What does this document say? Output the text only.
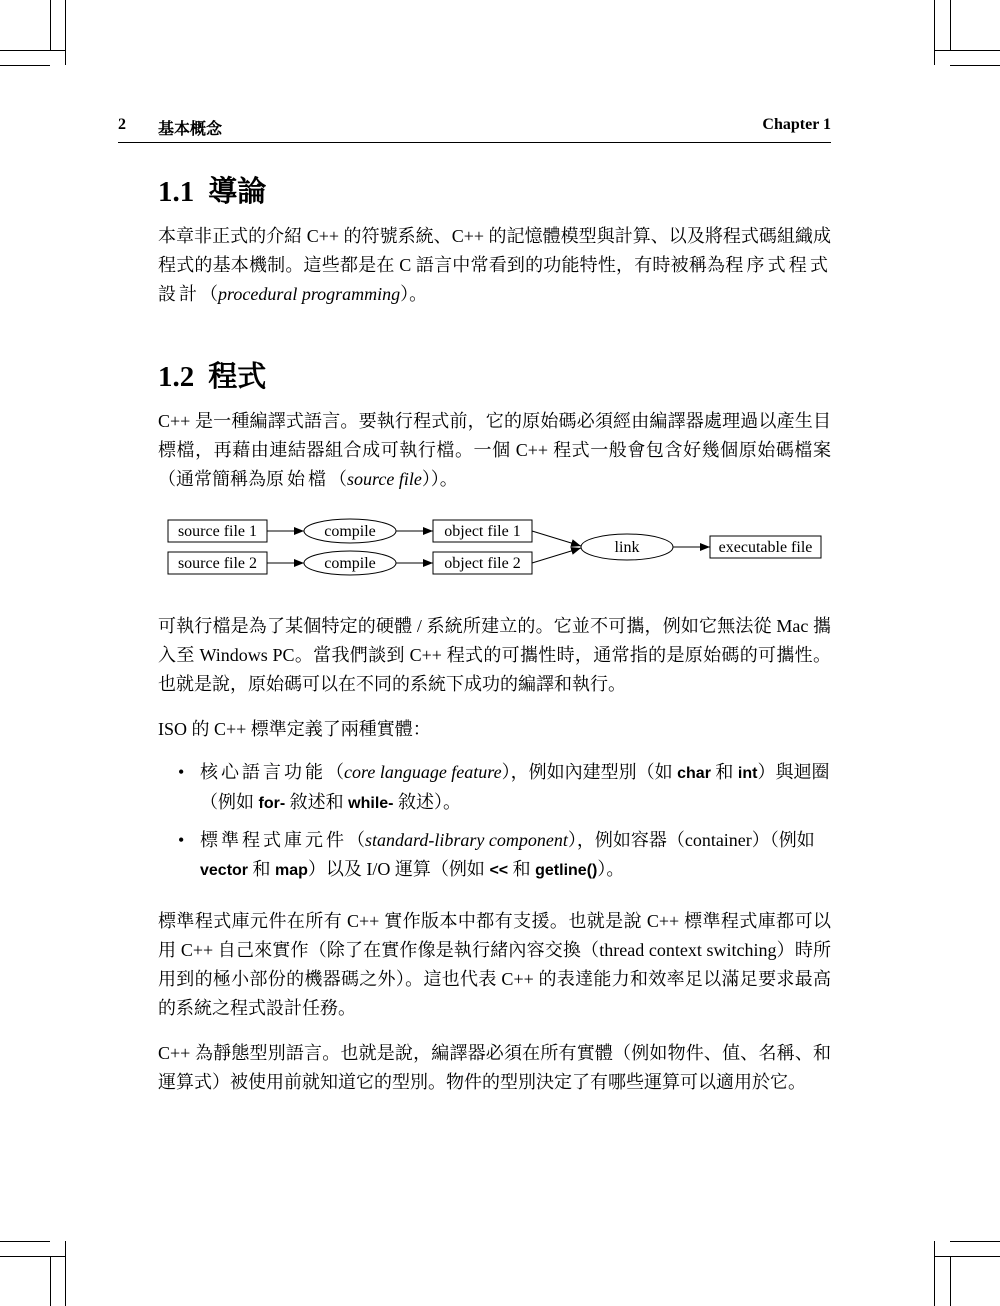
2 基本概念	Chapter 1
1.1 導論

本章非正式的介紹 C++ 的符號系統、C++ 的記憶體模型與計算、以及將程式碼組織成程式的基本機制。這些都是在 C 語言中常看到的功能特性，有時被稱為程序式程式設計（procedural programming）。

1.2 程式

C++ 是一種編譯式語言。要執行程式前，它的原始碼必須經由編譯器處理過以產生目標檔，再藉由連結器組合成可執行檔。一個 C++ 程式一般會包含好幾個原始碼檔案（通常簡稱為原始檔（source file））。

source file 1
source file 2
compile
compile
object file 1
object file 2
link	executable file

可執行檔是為了某個特定的硬體 / 系統所建立的。它並不可攜，例如它無法從 Mac 攜入至 Windows PC。當我們談到 C++ 程式的可攜性時，通常指的是原始碼的可攜性。也就是說，原始碼可以在不同的系統下成功的編譯和執行。

ISO 的 C++ 標準定義了兩種實體：

• 核心語言功能（core language feature），例如內建型別（如 char 和 int）與迴圈（例如 for- 敘述和 while- 敘述）。
• 標準程式庫元件（standard-library component），例如容器（container）（例如 vector 和 map）以及 I/O 運算（例如 << 和 getline()）。

標準程式庫元件在所有 C++ 實作版本中都有支援。也就是說 C++ 標準程式庫都可以用 C++ 自己來實作（除了在實作像是執行緒內容交換（thread context switching）時所用到的極小部份的機器碼之外）。這也代表 C++ 的表達能力和效率足以滿足要求最高的系統之程式設計任務。

C++ 為靜態型別語言。也就是說，編譯器必須在所有實體（例如物件、值、名稱、和運算式）被使用前就知道它的型別。物件的型別決定了有哪些運算可以適用於它。
